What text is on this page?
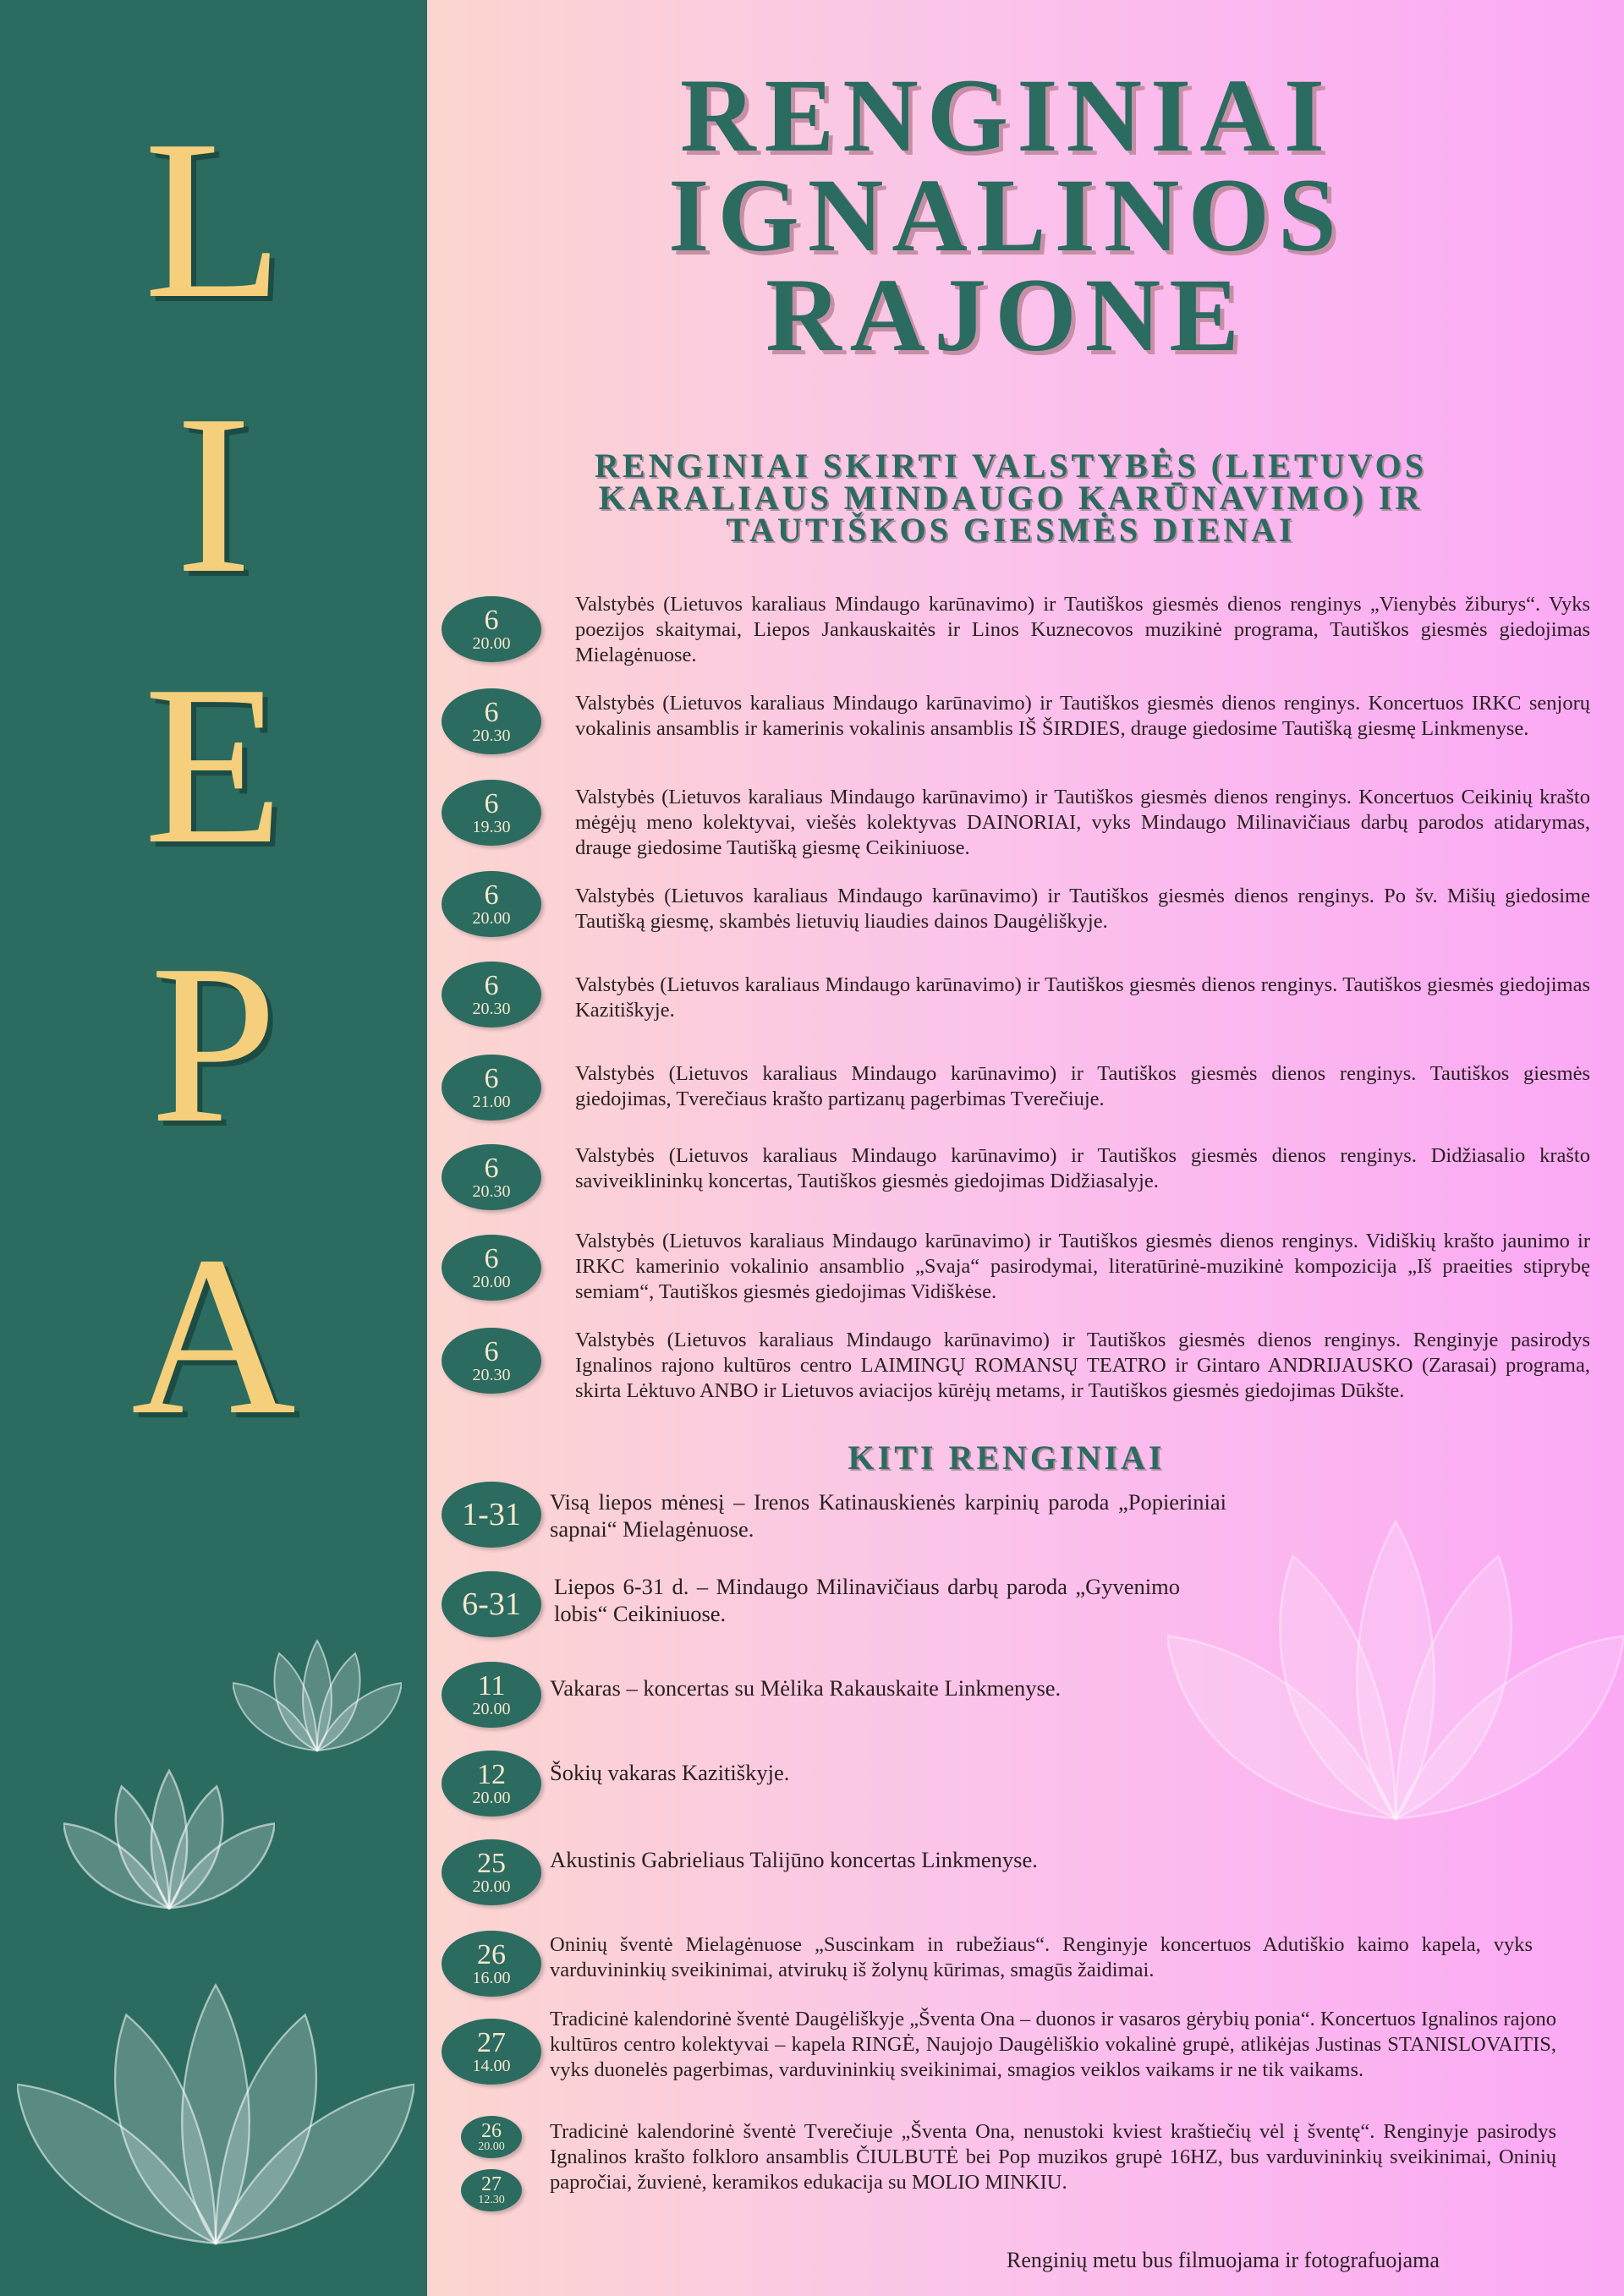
L
I
E
P
A
RENGINIAI
IGNALINOS
RAJONE
RENGINIAI SKIRTI VALSTYBĖS (LIETUVOS
KARALIAUS MINDAUGO KARŪNAVIMO) IR
TAUTIŠKOS GIESMĖS DIENAI
6
20.00
Valstybės (Lietuvos karaliaus Mindaugo karūnavimo) ir Tautiškos giesmės dienos renginys „Vienybės žiburys“. Vyks poezijos skaitymai, Liepos Jankauskaitės ir Linos Kuznecovos muzikinė programa, Tautiškos giesmės giedojimas Mielagėnuose.
6
20.30
Valstybės (Lietuvos karaliaus Mindaugo karūnavimo) ir Tautiškos giesmės dienos renginys. Koncertuos IRKC senjorų vokalinis ansamblis ir kamerinis vokalinis ansamblis IŠ ŠIRDIES, drauge giedosime Tautišką giesmę Linkmenyse.
6
19.30
Valstybės (Lietuvos karaliaus Mindaugo karūnavimo) ir Tautiškos giesmės dienos renginys. Koncertuos Ceikinių krašto mėgėjų meno kolektyvai, viešės kolektyvas DAINORIAI, vyks Mindaugo Milinavičiaus darbų parodos atidarymas, drauge giedosime Tautišką giesmę Ceikiniuose.
6
20.00
Valstybės (Lietuvos karaliaus Mindaugo karūnavimo) ir Tautiškos giesmės dienos renginys. Po šv. Mišių giedosime Tautišką giesmę, skambės lietuvių liaudies dainos Daugėliškyje.
6
20.30
Valstybės (Lietuvos karaliaus Mindaugo karūnavimo) ir Tautiškos giesmės dienos renginys. Tautiškos giesmės giedojimas Kazitiškyje.
6
21.00
Valstybės (Lietuvos karaliaus Mindaugo karūnavimo) ir Tautiškos giesmės dienos renginys. Tautiškos giesmės giedojimas, Tverečiaus krašto partizanų pagerbimas Tverečiuje.
6
20.30
Valstybės (Lietuvos karaliaus Mindaugo karūnavimo) ir Tautiškos giesmės dienos renginys. Didžiasalio krašto saviveiklininkų koncertas, Tautiškos giesmės giedojimas Didžiasalyje.
6
20.00
Valstybės (Lietuvos karaliaus Mindaugo karūnavimo) ir Tautiškos giesmės dienos renginys. Vidiškių krašto jaunimo ir IRKC kamerinio vokalinio ansamblio „Svaja“ pasirodymai, literatūrinė-muzikinė kompozicija „Iš praeities stiprybę semiam“, Tautiškos giesmės giedojimas Vidiškėse.
6
20.30
Valstybės (Lietuvos karaliaus Mindaugo karūnavimo) ir Tautiškos giesmės dienos renginys. Renginyje pasirodys Ignalinos rajono kultūros centro LAIMINGŲ ROMANSŲ TEATRO ir Gintaro ANDRIJAUSKO (Zarasai) programa, skirta Lėktuvo ANBO ir Lietuvos aviacijos kūrėjų metams, ir Tautiškos giesmės giedojimas Dūkšte.
KITI RENGINIAI
1-31 Visą liepos mėnesį – Irenos Katinauskienės karpinių paroda „Popieriniai sapnai“ Mielagėnuose.
6-31 Liepos 6-31 d. – Mindaugo Milinavičiaus darbų paroda „Gyvenimo lobis“ Ceikiniuose.
11
20.00
Vakaras – koncertas su Mėlika Rakauskaite Linkmenyse.
12
20.00
Šokių vakaras Kazitiškyje.
25
20.00
Akustinis Gabrieliaus Talijūno koncertas Linkmenyse.
26
16.00
Oninių šventė Mielagėnuose „Suscinkam in rubežiaus“. Renginyje koncertuos Adutiškio kaimo kapela, vyks varduvininkių sveikinimai, atvirukų iš žolynų kūrimas, smagūs žaidimai.
27
14.00
Tradicinė kalendorinė šventė Daugėliškyje „Šventa Ona – duonos ir vasaros gėrybių ponia“. Koncertuos Ignalinos rajono kultūros centro kolektyvai – kapela RINGĖ, Naujojo Daugėliškio vokalinė grupė, atlikėjas Justinas STANISLOVAITIS, vyks duonelės pagerbimas, varduvininkių sveikinimai, smagios veiklos vaikams ir ne tik vaikams.
26
20.00
27
12.30
Tradicinė kalendorinė šventė Tverečiuje „Šventa Ona, nenustoki kviest kraštiečių vėl į šventę“. Renginyje pasirodys Ignalinos krašto folkloro ansamblis ČIULBUTĖ bei Pop muzikos grupė 16HZ, bus varduvininkių sveikinimai, Oninių papročiai, žuvienė, keramikos edukacija su MOLIO MINKIU.
Renginių metu bus filmuojama ir fotografuojama
